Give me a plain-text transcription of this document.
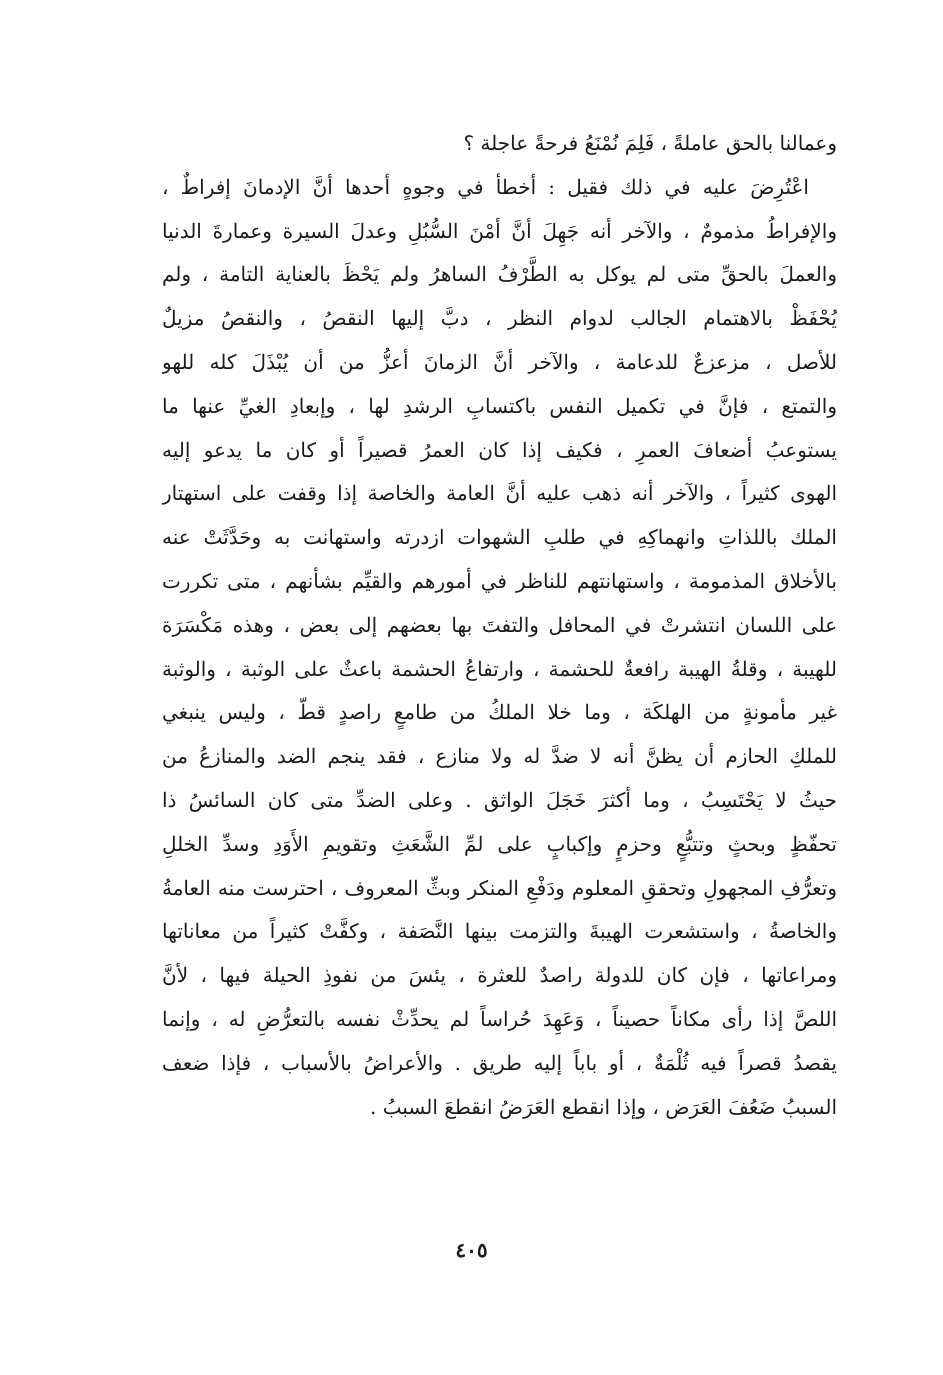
وعمالنا بالحق عاملةً ، فَلِمَ نُمْنَعُ فرحةً عاجلة ؟
اعْتُرِضَ عليه في ذلك فقيل : أخطأ في وجوهٍ أحدها أنَّ الإدمانَ إفراطٌ ،
والإفراطُ مذمومٌ ، والآخر أنه جَهِلَ أنَّ أمْنَ السُّبُلِ وعدلَ السيرة وعمارةَ الدنيا
والعملَ بالحقِّ متى لم يوكل به الطَّرْفُ الساهرُ ولم يَحْظَ بالعناية التامة ، ولم
يُحْفَظْ بالاهتمام الجالب لدوام النظر ، دبَّ إليها النقصُ ، والنقصُ مزيلٌ
للأصل ، مزعزعٌ للدعامة ، والآخر أنَّ الزمانَ أعزُّ من أن يُبْذَلَ كله للهو
والتمتع ، فإنَّ في تكميل النفس باكتسابِ الرشدِ لها ، وإبعادِ الغيِّ عنها ما
يستوعبُ أضعافَ العمرِ ، فكيف إذا كان العمرُ قصيراً أو كان ما يدعو إليه
الهوى كثيراً ، والآخر أنه ذهب عليه أنَّ العامة والخاصة إذا وقفت على استهتار
الملك باللذاتِ وانهماكِهِ في طلبِ الشهوات ازدرته واستهانت به وحَدَّثَتْ عنه
بالأخلاق المذمومة ، واستهانتهم للناظر في أمورهم والقيِّم بشأنهم ، متى تكررت
على اللسان انتشرتْ في المحافل والتفتَ بها بعضهم إلى بعض ، وهذه مَكْسَرَة
للهيبة ، وقلةُ الهيبة رافعةٌ للحشمة ، وارتفاعُ الحشمة باعثٌ على الوثبة ، والوثبة
غير مأمونةٍ من الهلكَة ، وما خلا الملكُ من طامعٍ راصدٍ قطّ ، وليس ينبغي
للملكِ الحازم أن يظنَّ أنه لا ضدَّ له ولا منازع ، فقد ينجم الضد والمنازعُ من
حيثُ لا يَحْتَسِبُ ، وما أكثرَ خَجَلَ الواثق . وعلى الضدِّ متى كان السائسُ ذا
تحفّظٍ وبحثٍ وتتبُّعٍ وحزمٍ وإكبابٍ على لمِّ الشَّعَثِ وتقويمِ الأَوَدِ وسدِّ الخللِ
وتعرُّفِ المجهولِ وتحققِ المعلوم ودَفْعِ المنكر وبثِّ المعروف ، احترست منه العامةُ
والخاصةُ ، واستشعرت الهيبةَ والتزمت بينها النَّصَفة ، وكفَّتْ كثيراً من معاناتها
ومراعاتها ، فإن كان للدولة راصدٌ للعثرة ، يئسَ من نفوذِ الحيلة فيها ، لأنَّ
اللصَّ إذا رأى مكاناً حصيناً ، وَعَهِدَ حُراساً لم يحدِّثْ نفسه بالتعرُّضِ له ، وإنما
يقصدُ قصراً فيه ثُلْمَةٌ ، أو باباً إليه طريق . والأعراضُ بالأسباب ، فإذا ضعف
السببُ ضَعُفَ العَرَض ، وإذا انقطع العَرَضُ انقطعَ السببُ .
٤٠٥
